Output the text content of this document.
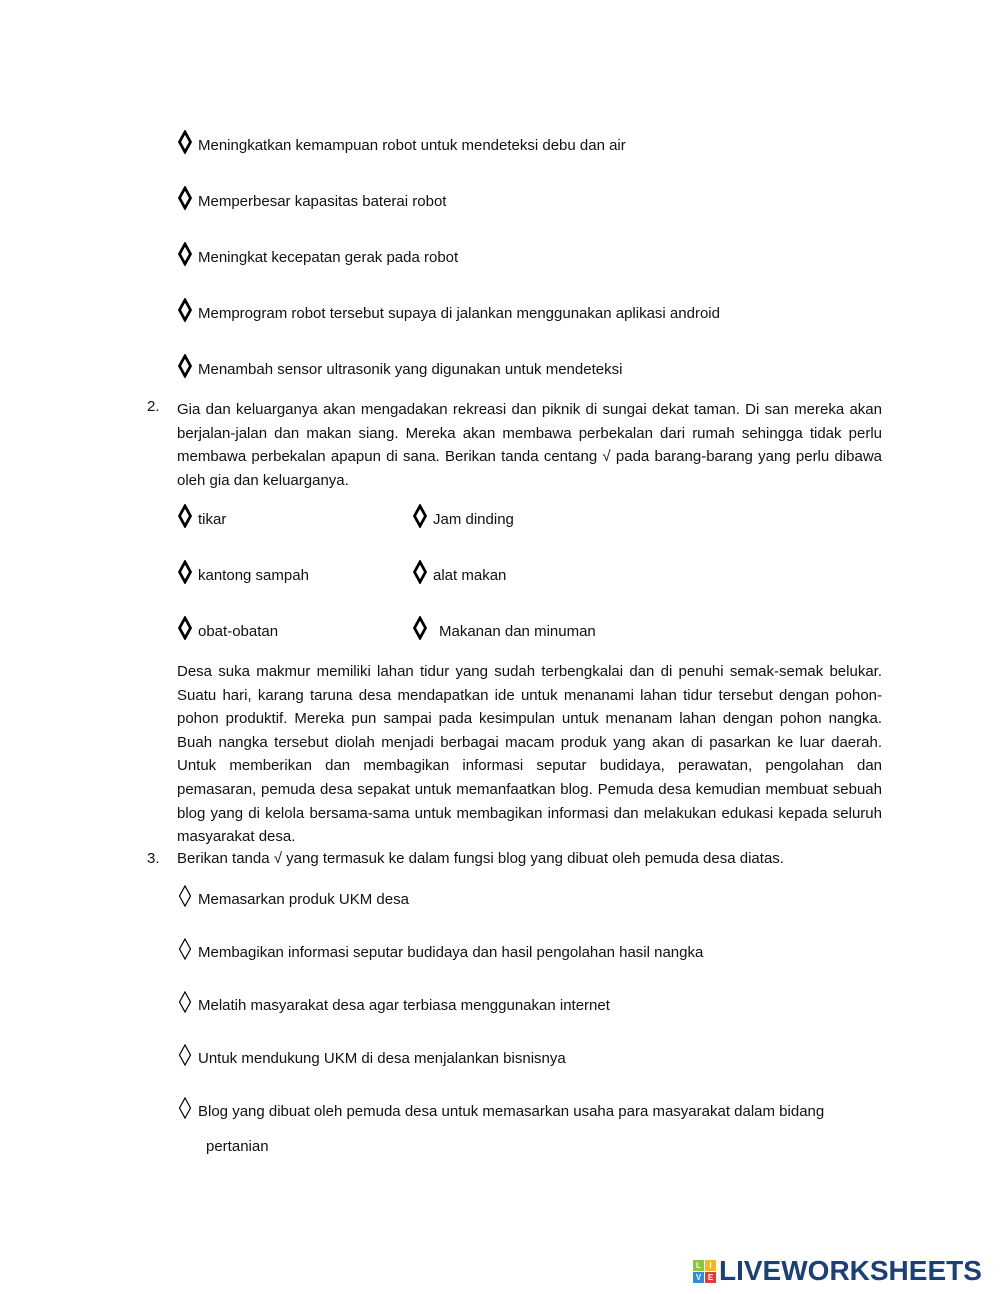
Meningkatkan kemampuan robot untuk mendeteksi debu dan air
Memperbesar kapasitas baterai robot
Meningkat kecepatan gerak pada robot
Memprogram robot tersebut supaya di jalankan menggunakan aplikasi android
Menambah sensor ultrasonik yang digunakan untuk mendeteksi
2. Gia dan keluarganya akan mengadakan rekreasi dan piknik di sungai dekat taman. Di san mereka akan berjalan-jalan dan makan siang. Mereka akan membawa perbekalan dari rumah sehingga tidak perlu membawa perbekalan apapun di sana. Berikan tanda centang √ pada barang-barang yang perlu dibawa oleh gia dan keluarganya.
tikar	Jam dinding
kantong sampah	alat makan
obat-obatan	Makanan dan minuman
Desa suka makmur memiliki lahan tidur yang sudah terbengkalai dan di penuhi semak-semak belukar. Suatu hari, karang taruna desa mendapatkan ide untuk menanami lahan tidur tersebut dengan pohon-pohon produktif. Mereka pun sampai pada kesimpulan untuk menanam lahan dengan pohon nangka. Buah nangka tersebut diolah menjadi berbagai macam produk yang akan di pasarkan ke luar daerah. Untuk memberikan dan membagikan informasi seputar budidaya, perawatan, pengolahan dan pemasaran, pemuda desa sepakat untuk memanfaatkan blog. Pemuda desa kemudian membuat sebuah blog yang di kelola bersama-sama untuk membagikan informasi dan melakukan edukasi kepada seluruh masyarakat desa.
3. Berikan tanda √ yang termasuk ke dalam fungsi blog yang dibuat oleh pemuda desa diatas.
Memasarkan produk UKM desa
Membagikan informasi seputar budidaya dan hasil pengolahan hasil nangka
Melatih masyarakat desa agar terbiasa menggunakan internet
Untuk mendukung UKM di desa menjalankan bisnisnya
Blog yang dibuat oleh pemuda desa untuk memasarkan usaha para masyarakat dalam bidang
pertanian
L	I
V E LIVEWORKSHEETS
